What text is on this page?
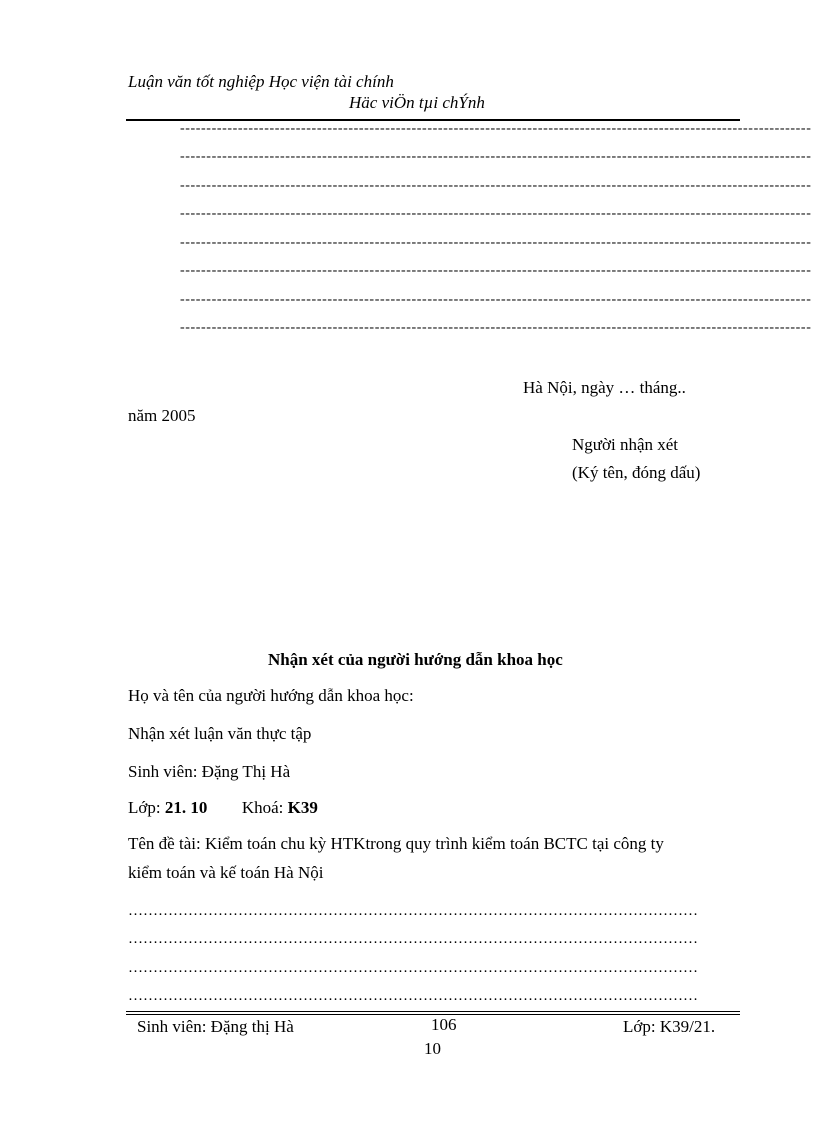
Luận văn tốt nghiệp Học viện tài chính
Häc viÖn tµi chÝnh
------------------------------------------------------------------------------------------------------------------------
------------------------------------------------------------------------------------------------------------------------
------------------------------------------------------------------------------------------------------------------------
------------------------------------------------------------------------------------------------------------------------
------------------------------------------------------------------------------------------------------------------------
------------------------------------------------------------------------------------------------------------------------
------------------------------------------------------------------------------------------------------------------------
------------------------------------------------------------------------------------------------------------------------
Hà Nội, ngày … tháng..
năm 2005
Người nhận xét
(Ký tên, đóng dấu)
Nhận xét của người hướng dẫn khoa học
Họ và tên của người hướng dẫn khoa học:
Nhận xét luận văn thực tập
Sinh viên: Đặng Thị Hà
Lớp: 21. 10 Khoá: K39
Tên đề tài: Kiểm toán chu kỳ HTKtrong quy trình kiểm toán BCTC tại công ty
kiểm toán và kế toán Hà Nội
……………………………………………………………………………………………………
……………………………………………………………………………………………………
……………………………………………………………………………………………………
……………………………………………………………………………………………………
Sinh viên: Đặng thị Hà	106	Lớp: K39/21.
10
